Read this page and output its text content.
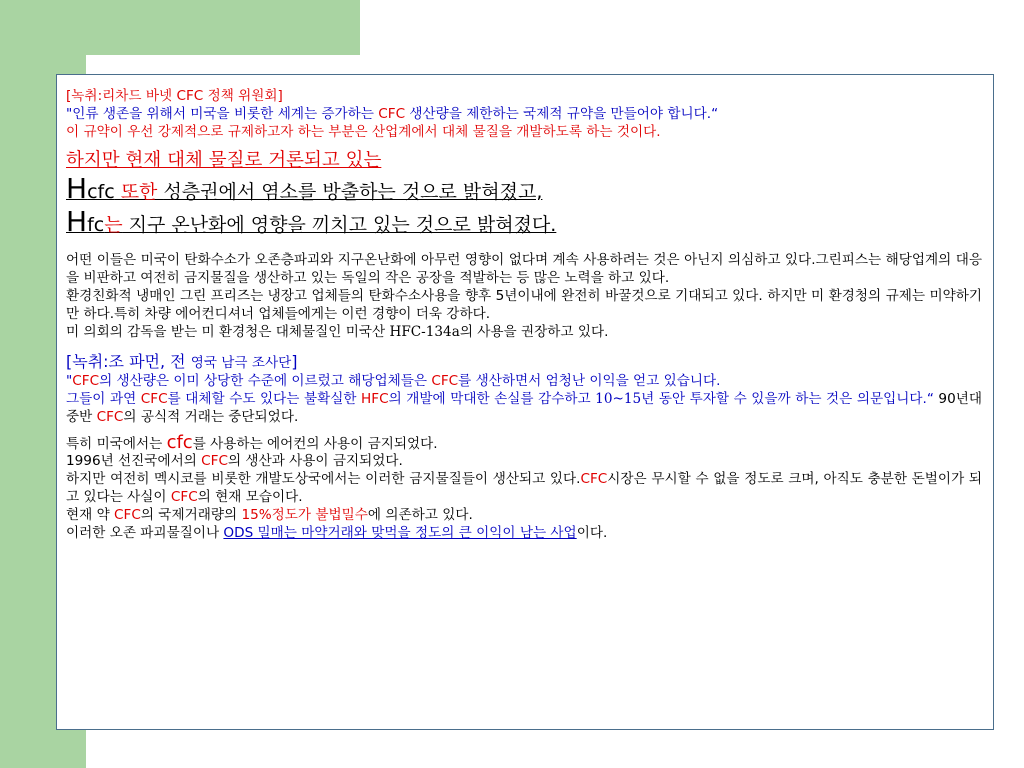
[녹취:리차드 바넷 CFC 정책 위원회]

"인류 생존을 위해서 미국을 비롯한 세계는 증가하는 CFC 생산량을 제한하는 국제적 규약을 만들어야 합니다.“

이 규약이 우선 강제적으로 규제하고자 하는 부분은 산업계에서 대체 물질을 개발하도록 하는 것이다.

하지만 현재 대체 물질로 거론되고 있는

Hcfc 또한 성층권에서 염소를 방출하는 것으로 밝혀졌고,

Hfc는 지구 온난화에 영향을 끼치고 있는 것으로 밝혀졌다.

어떤 이들은 미국이 탄화수소가 오존층파괴와 지구온난화에 아무런 영향이 없다며 계속 사용하려는 것은 아닌지 의심하고 있다.그린피스는 해당업계의 대응을 비판하고 여전히 금지물질을 생산하고 있는 독일의 작은 공장을 적발하는 등 많은 노력을 하고 있다.

환경친화적 냉매인 그린 프리즈는 냉장고 업체들의 탄화수소사용을 향후 5년이내에 완전히 바꿀것으로 기대되고 있다. 하지만 미 환경청의 규제는 미약하기만 하다.특히 차량 에어컨디셔너 업체들에게는 이런 경향이 더욱 강하다.

미 의회의 감독을 받는 미 환경청은 대체물질인 미국산 HFC-134a의 사용을 권장하고 있다.

[녹취:조 파먼, 전 영국 남극 조사단]

"CFC의 생산량은 이미 상당한 수준에 이르렀고 해당업체들은 CFC를 생산하면서 엄청난 이익을 얻고 있습니다.

그들이 과연 CFC를 대체할 수도 있다는 불확실한 HFC의 개발에 막대한 손실를 감수하고 10~15년 동안 투자할 수 있을까 하는 것은 의문입니다.“ 90년대 중반 CFC의 공식적 거래는 중단되었다.

특히 미국에서는 cfc를 사용하는 에어컨의 사용이 금지되었다.

1996년 선진국에서의 CFC의 생산과 사용이 금지되었다.

하지만 여전히 멕시코를 비롯한 개발도상국에서는 이러한 금지물질들이 생산되고 있다.CFC시장은 무시할 수 없을 정도로 크며, 아직도 충분한 돈벌이가 되고 있다는 사실이 CFC의 현재 모습이다.

현재 약 CFC의 국제거래량의 15%정도가 불법밀수에 의존하고 있다.

이러한 오존 파괴물질이나 ODS 밀매는 마약거래와 맞먹을 정도의 큰 이익이 남는 사업이다.
